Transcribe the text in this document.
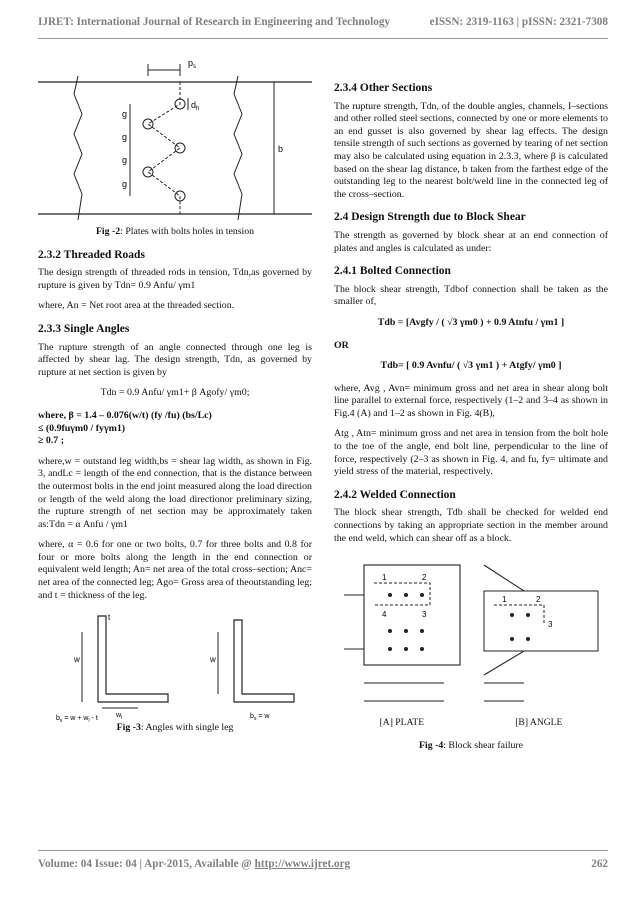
IJRET: International Journal of Research in Engineering and Technology	eISSN: 2319-1163 | pISSN: 2321-7308
$p_s$
g
g
g
g
$d_h$
b

Fig -2: Plates with bolts holes in tension

2.3.2 Threaded Roads

The design strength of threaded rods in tension, Tdn,as governed by rupture is given by Tdn= 0.9 Anfu/ γm1

where, An = Net root area at the threaded section.

2.3.3 Single Angles

The rupture strength of an angle connected through one leg is affected by shear lag. The design strength, Tdn, as governed by rupture at net section is given by

Tdn = 0.9 Anfu/ γm1+ β Agofy/ γm0;

where, β = 1.4 – 0.076(w/t) (fy /fu) (bs/Lc)
≤ (0.9fuγm0 / fyγm1)
≥ 0.7 ;

where,w = outstand leg width,bs = shear lag width, as shown in Fig. 3, andLc = length of the end connection, that is the distance between the outermost bolts in the end joint measured along the load direction or length of the weld along the load directionor preliminary sizing, the rupture strength of net section may be approximately taken as:Tdn = α Anfu / γm1

where, α = 0.6 for one or two bolts, 0.7 for three bolts and 0.8 for four or more bolts along the length in the end connection or equivalent weld length; An= net area of the total cross–section; Anc= net area of the connected leg; Ago= Gross area of theoutstanding leg; and t = thickness of the leg.

w
t
$w_l$
$b_s = w + w_l - t$
w
$b_s = w$

Fig -3: Angles with single leg

2.3.4 Other Sections

The rupture strength, Tdn, of the double angles, channels, I–sections and other rolled steel sections, connected by one or more elements to an end gusset is also governed by shear lag effects. The design tensile strength of such sections as governed by tearing of net section may also be calculated using equation in 2.3.3, where β is calculated based on the shear lag distance, b taken from the farthest edge of the outstanding leg to the nearest bolt/weld line in the connected leg of the cross–section.

2.4 Design Strength due to Block Shear

The strength as governed by block shear at an end connection of plates and angles is calculated as under:

2.4.1 Bolted Connection

The block shear strength, Tdbof connection shall be taken as the smaller of,

Tdb = [Avgfy / ( √3 γm0 ) + 0.9 Atnfu / γm1 ]

OR

Tdb= [ 0.9 Avnfu/ ( √3 γm1 ) + Atgfy/ γm0 ]

where, Avg , Avn= minimum gross and net area in shear along bolt line parallel to external force, respectively (1–2 and 3–4 as shown in Fig.4 (A) and 1–2 as shown in Fig. 4(B),

Atg , Atn= minimum gross and net area in tension from the bolt hole to the toe of the angle, end bolt line, perpendicular to the line of force, respectively (2–3 as shown in Fig. 4, and fu, fy= ultimate and yield stress of the material, respectively.

2.4.2 Welded Connection

The block shear strength, Tdb shall be checked for welded end connections by taking an appropriate section in the member around the end weld, which can shear off as a block.

1	2
4	3
1	2
3
[A] PLATE	[B] ANGLE

Fig -4: Block shear failure

Volume: 04 Issue: 04 | Apr-2015, Available @ http://www.ijret.org	262
